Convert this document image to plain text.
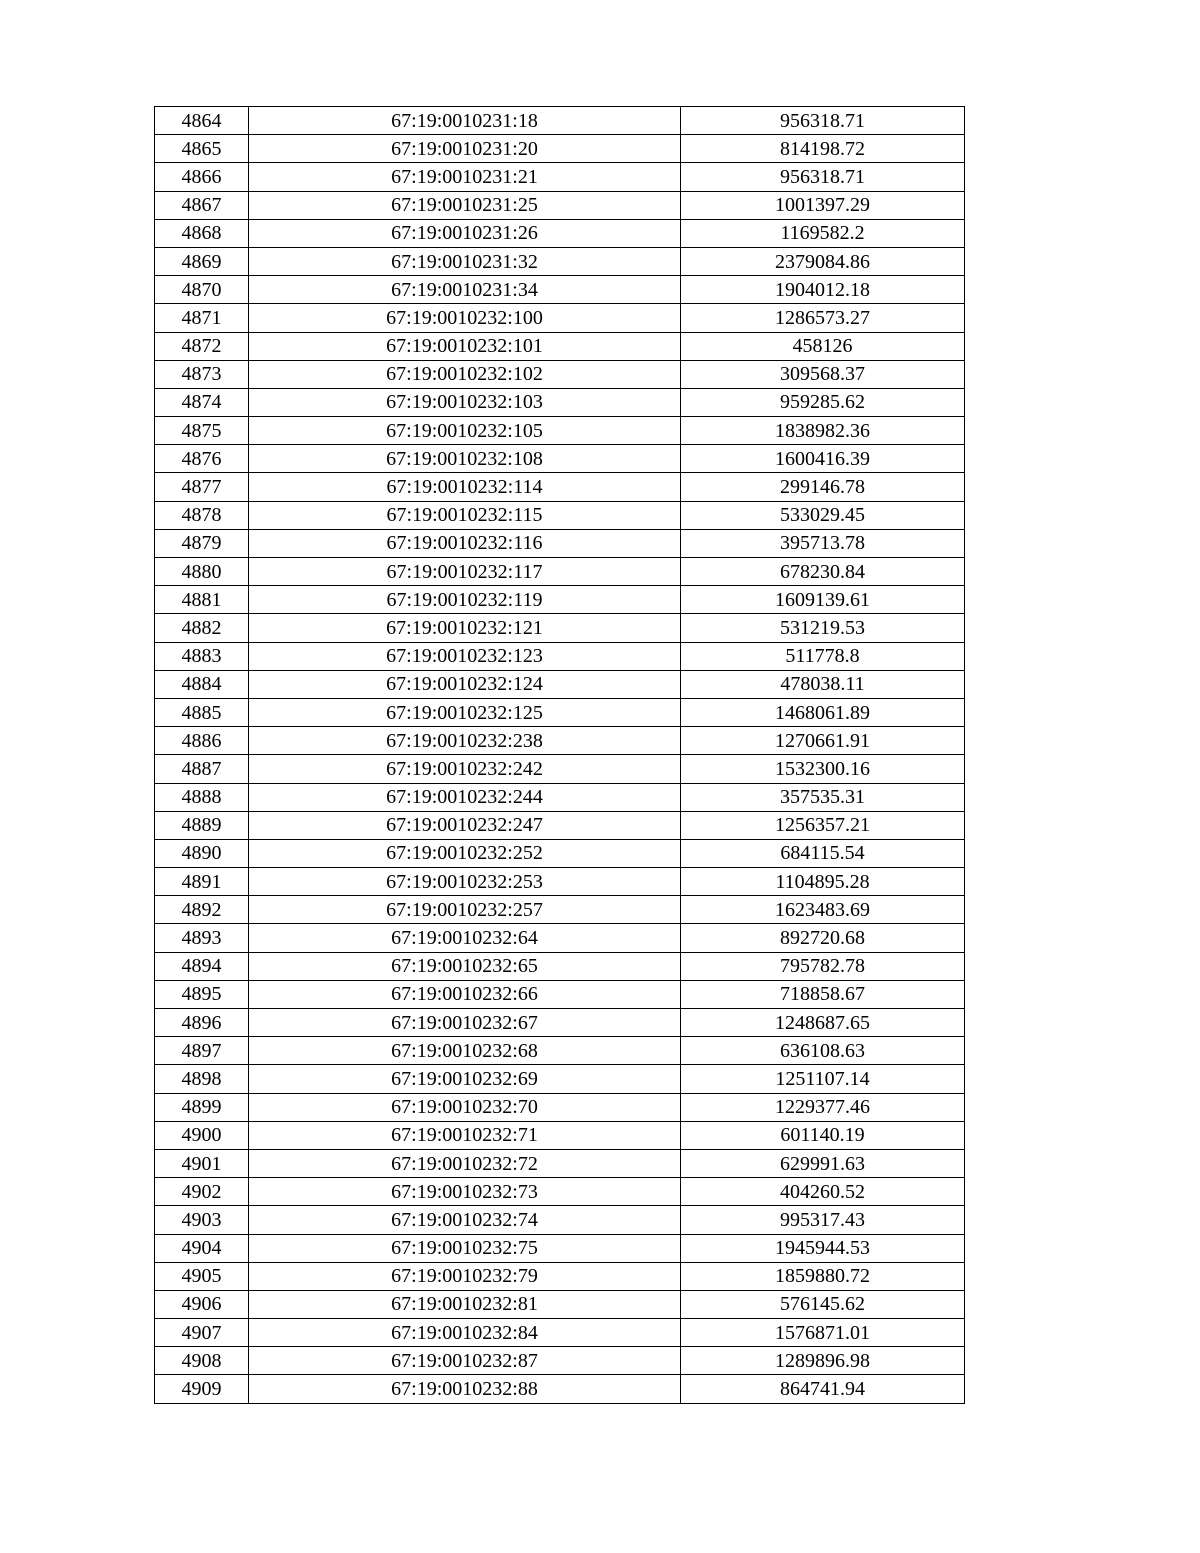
4864	67:19:0010231:18	956318.71
4865	67:19:0010231:20	814198.72
4866	67:19:0010231:21	956318.71
4867	67:19:0010231:25	1001397.29
4868	67:19:0010231:26	1169582.2
4869	67:19:0010231:32	2379084.86
4870	67:19:0010231:34	1904012.18
4871	67:19:0010232:100	1286573.27
4872	67:19:0010232:101	458126
4873	67:19:0010232:102	309568.37
4874	67:19:0010232:103	959285.62
4875	67:19:0010232:105	1838982.36
4876	67:19:0010232:108	1600416.39
4877	67:19:0010232:114	299146.78
4878	67:19:0010232:115	533029.45
4879	67:19:0010232:116	395713.78
4880	67:19:0010232:117	678230.84
4881	67:19:0010232:119	1609139.61
4882	67:19:0010232:121	531219.53
4883	67:19:0010232:123	511778.8
4884	67:19:0010232:124	478038.11
4885	67:19:0010232:125	1468061.89
4886	67:19:0010232:238	1270661.91
4887	67:19:0010232:242	1532300.16
4888	67:19:0010232:244	357535.31
4889	67:19:0010232:247	1256357.21
4890	67:19:0010232:252	684115.54
4891	67:19:0010232:253	1104895.28
4892	67:19:0010232:257	1623483.69
4893	67:19:0010232:64	892720.68
4894	67:19:0010232:65	795782.78
4895	67:19:0010232:66	718858.67
4896	67:19:0010232:67	1248687.65
4897	67:19:0010232:68	636108.63
4898	67:19:0010232:69	1251107.14
4899	67:19:0010232:70	1229377.46
4900	67:19:0010232:71	601140.19
4901	67:19:0010232:72	629991.63
4902	67:19:0010232:73	404260.52
4903	67:19:0010232:74	995317.43
4904	67:19:0010232:75	1945944.53
4905	67:19:0010232:79	1859880.72
4906	67:19:0010232:81	576145.62
4907	67:19:0010232:84	1576871.01
4908	67:19:0010232:87	1289896.98
4909	67:19:0010232:88	864741.94
